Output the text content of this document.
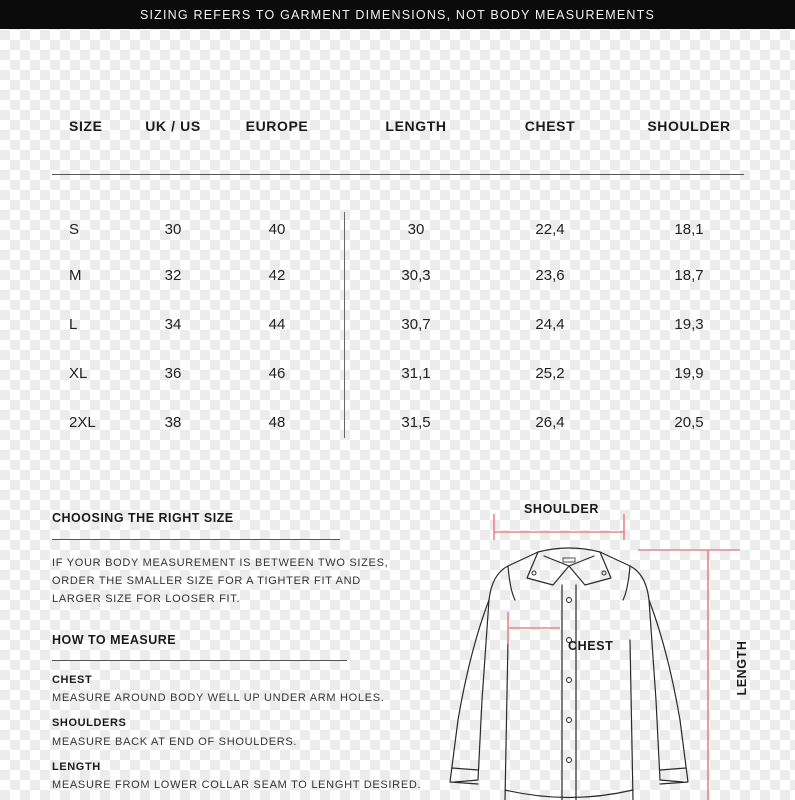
SIZING REFERS TO GARMENT DIMENSIONS, NOT BODY MEASUREMENTS
SIZE	UK / US	EUROPE	LENGTH	CHEST	SHOULDER
S	30	40	30	22,4	18,1
M	32	42	30,3	23,6	18,7
L	34	44	30,7	24,4	19,3
XL	36	46	31,1	25,2	19,9
2XL	38	48	31,5	26,4	20,5
CHOOSING THE RIGHT SIZE
IF YOUR BODY MEASUREMENT IS BETWEEN TWO SIZES,
ORDER THE SMALLER SIZE FOR A TIGHTER FIT AND
LARGER SIZE FOR LOOSER FIT.
HOW TO MEASURE
CHEST
MEASURE AROUND BODY WELL UP UNDER ARM HOLES.
SHOULDERS
MEASURE BACK AT END OF SHOULDERS.
LENGTH
MEASURE FROM LOWER COLLAR SEAM TO LENGHT DESIRED.
SHOULDER
CHEST	LENGTH
